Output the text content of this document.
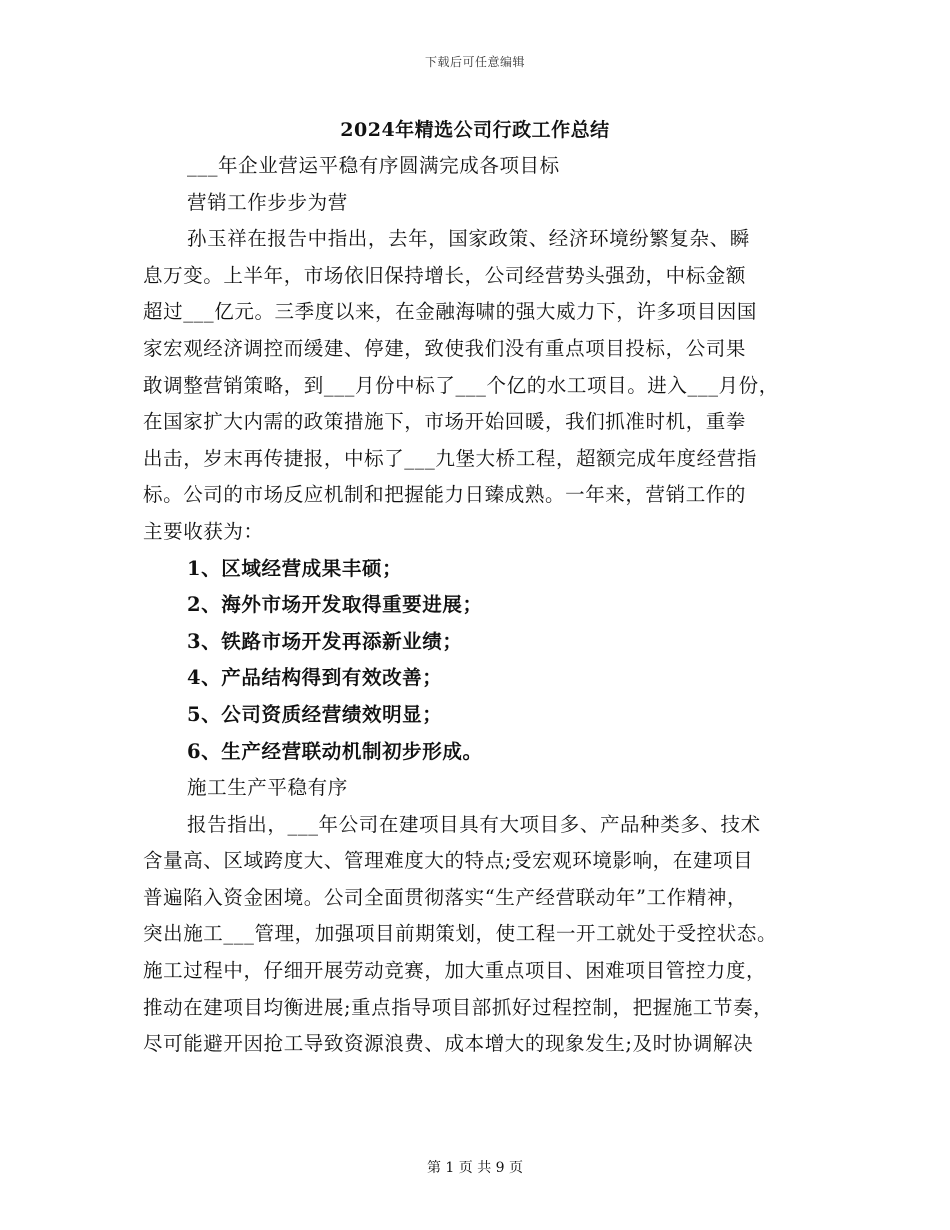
下载后可任意编辑
2024年精选公司行政工作总结
___年企业营运平稳有序圆满完成各项目标
营销工作步步为营
孙玉祥在报告中指出，去年，国家政策、经济环境纷繁复杂、瞬
息万变。上半年，市场依旧保持增长，公司经营势头强劲，中标金额
超过___亿元。三季度以来，在金融海啸的强大威力下，许多项目因国
家宏观经济调控而缓建、停建，致使我们没有重点项目投标，公司果
敢调整营销策略，到___月份中标了___个亿的水工项目。进入___月份，
在国家扩大内需的政策措施下，市场开始回暖，我们抓准时机，重拳
出击，岁末再传捷报，中标了___九堡大桥工程，超额完成年度经营指
标。公司的市场反应机制和把握能力日臻成熟。一年来，营销工作的
主要收获为：
1、区域经营成果丰硕；
2、海外市场开发取得重要进展；
3、铁路市场开发再添新业绩；
4、产品结构得到有效改善；
5、公司资质经营绩效明显；
6、生产经营联动机制初步形成。
施工生产平稳有序
报告指出，___年公司在建项目具有大项目多、产品种类多、技术
含量高、区域跨度大、管理难度大的特点;受宏观环境影响，在建项目
普遍陷入资金困境。公司全面贯彻落实“生产经营联动年”工作精神，
突出施工___管理，加强项目前期策划，使工程一开工就处于受控状态。
施工过程中，仔细开展劳动竞赛，加大重点项目、困难项目管控力度，
推动在建项目均衡进展;重点指导项目部抓好过程控制，把握施工节奏，
尽可能避开因抢工导致资源浪费、成本增大的现象发生;及时协调解决
第 1 页 共 9 页
